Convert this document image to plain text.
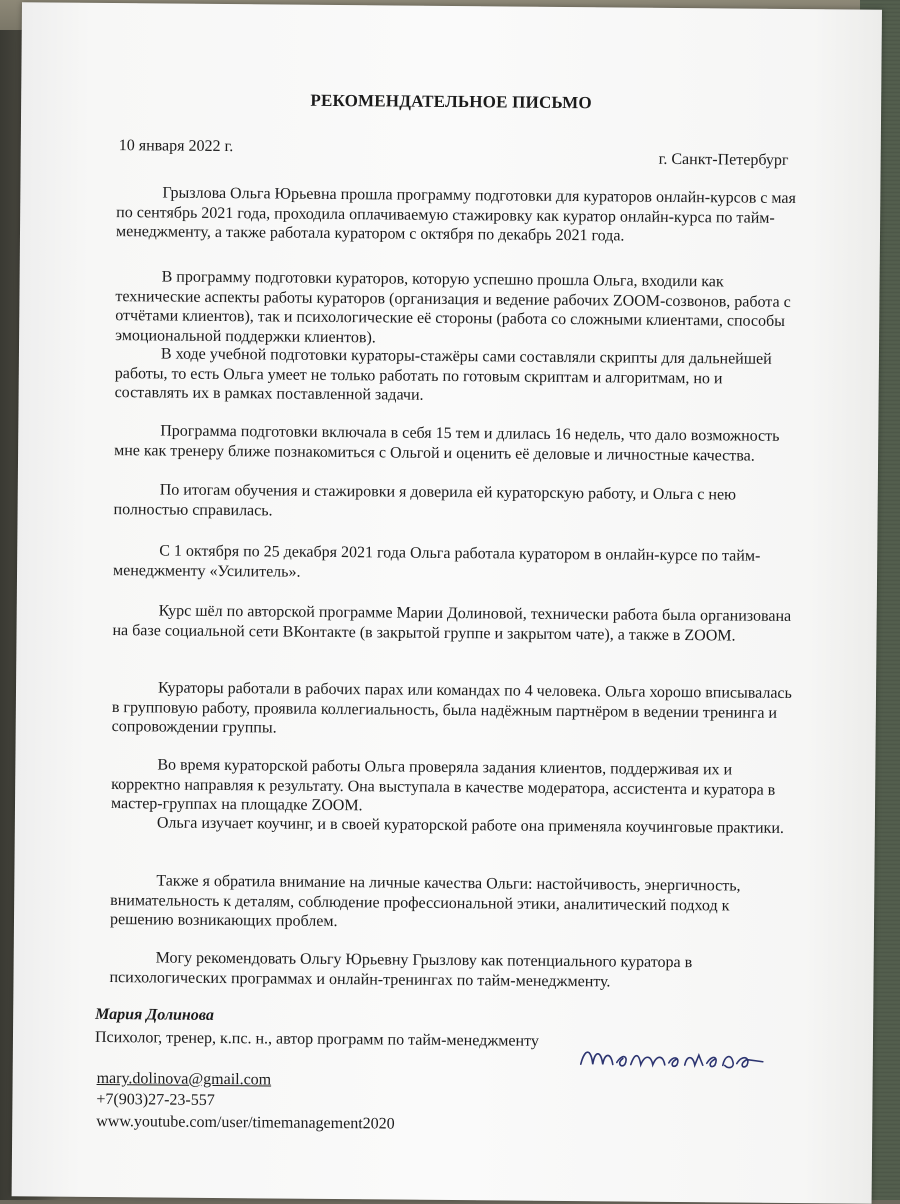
РЕКОМЕНДАТЕЛЬНОЕ ПИСЬМО
10 января 2022 г.
г. Санкт-Петербург

Грызлова Ольга Юрьевна прошла программу подготовки для кураторов онлайн-курсов с мая по сентябрь 2021 года, проходила оплачиваемую стажировку как куратор онлайн-курса по тайм-менеджменту, а также работала куратором с октября по декабрь 2021 года.

В программу подготовки кураторов, которую успешно прошла Ольга, входили как технические аспекты работы кураторов (организация и ведение рабочих ZOOM-созвонов, работа с отчётами клиентов), так и психологические её стороны (работа со сложными клиентами, способы эмоциональной поддержки клиентов).

В ходе учебной подготовки кураторы-стажёры сами составляли скрипты для дальнейшей работы, то есть Ольга умеет не только работать по готовым скриптам и алгоритмам, но и составлять их в рамках поставленной задачи.

Программа подготовки включала в себя 15 тем и длилась 16 недель, что дало возможность мне как тренеру ближе познакомиться с Ольгой и оценить её деловые и личностные качества.

По итогам обучения и стажировки я доверила ей кураторскую работу, и Ольга с нею полностью справилась.

С 1 октября по 25 декабря 2021 года Ольга работала куратором в онлайн-курсе по тайм-менеджменту «Усилитель».

Курс шёл по авторской программе Марии Долиновой, технически работа была организована на базе социальной сети ВКонтакте (в закрытой группе и закрытом чате), а также в ZOOM.

Кураторы работали в рабочих парах или командах по 4 человека. Ольга хорошо вписывалась в групповую работу, проявила коллегиальность, была надёжным партнёром в ведении тренинга и сопровождении группы.

Во время кураторской работы Ольга проверяла задания клиентов, поддерживая их и корректно направляя к результату. Она выступала в качестве модератора, ассистента и куратора в мастер-группах на площадке ZOOM.

Ольга изучает коучинг, и в своей кураторской работе она применяла коучинговые практики.

Также я обратила внимание на личные качества Ольги: настойчивость, энергичность, внимательность к деталям, соблюдение профессиональной этики, аналитический подход к решению возникающих проблем.

Могу рекомендовать Ольгу Юрьевну Грызлову как потенциального куратора в психологических программах и онлайн-тренингах по тайм-менеджменту.

Мария Долинова
Психолог, тренер, к.пс. н., автор программ по тайм-менеджменту
mary.dolinova@gmail.com
+7(903)27-23-557
www.youtube.com/user/timemanagement2020
